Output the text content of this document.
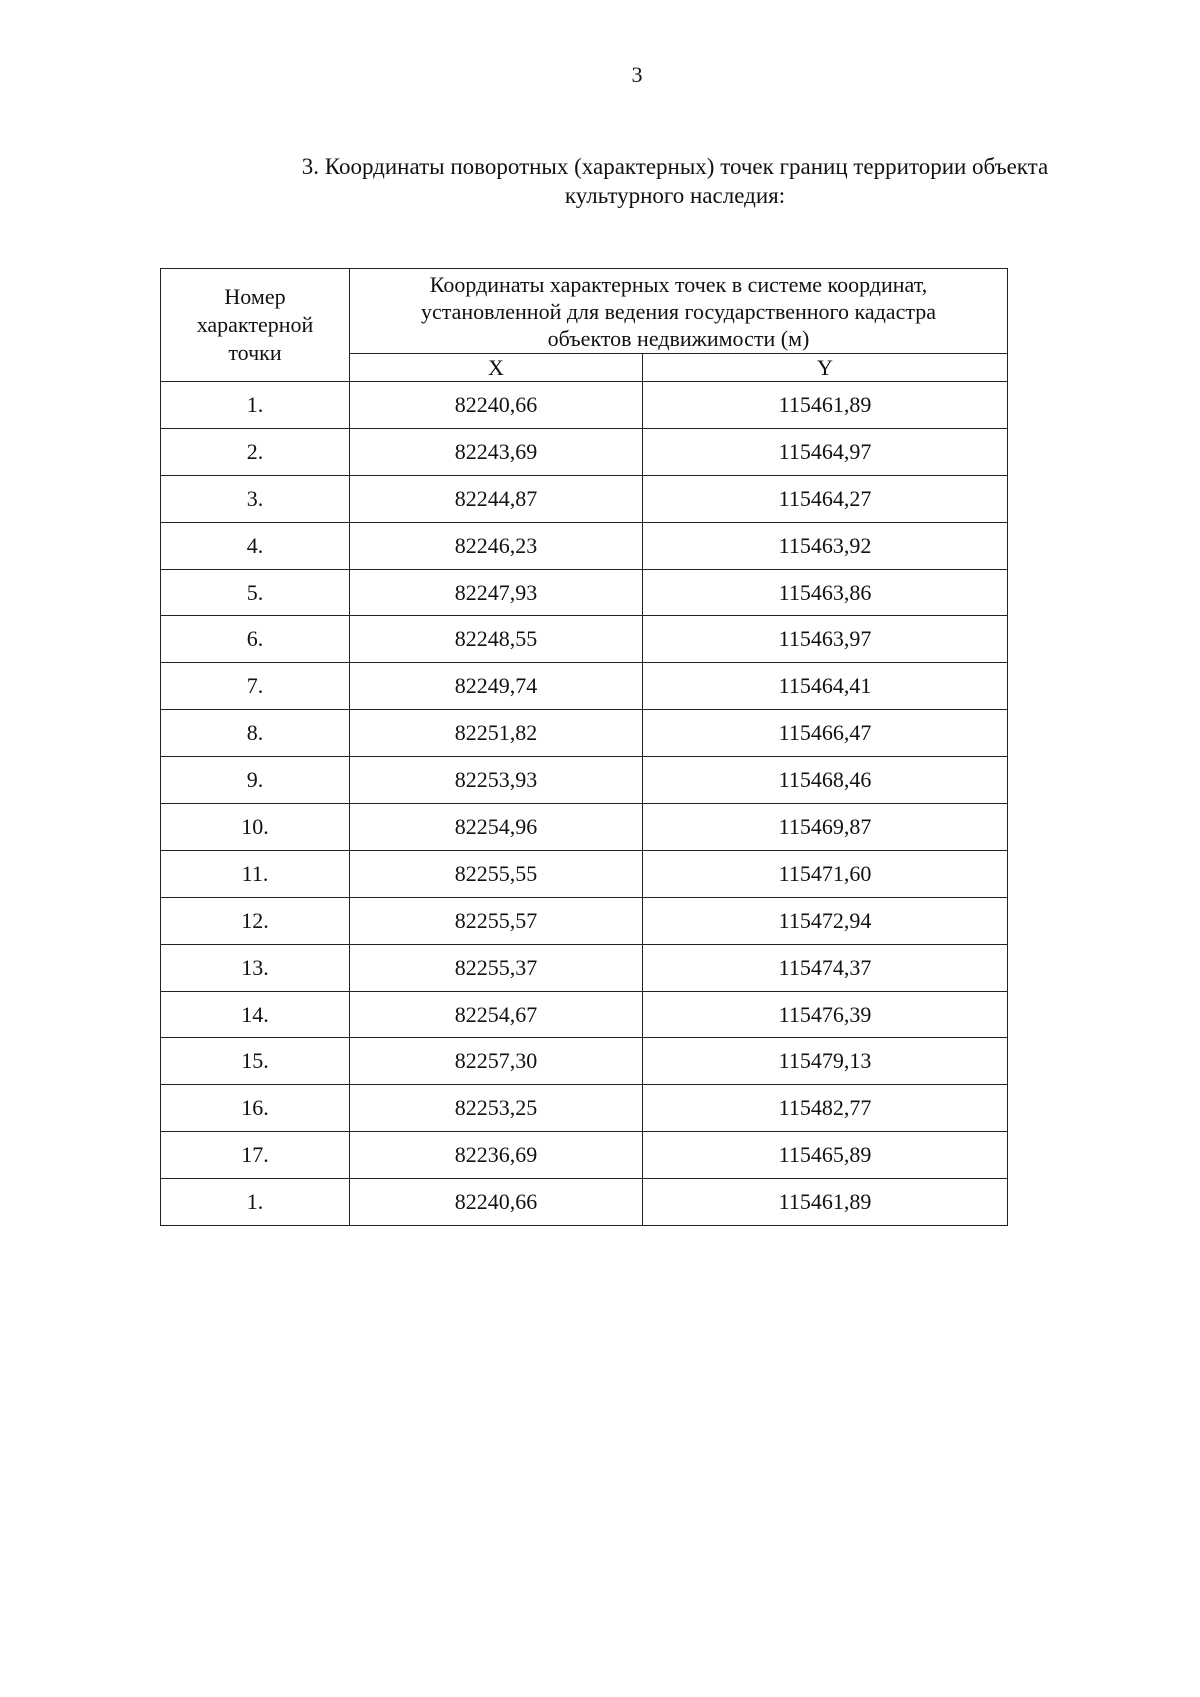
3
3. Координаты поворотных (характерных) точек границ территории объекта
культурного наследия:
Номер
характерной
точки	Координаты характерных точек в системе координат,
установленной для ведения государственного кадастра
объектов недвижимости (м)	

	X	Y
1.	82240,66	115461,89
2.	82243,69	115464,97
3.	82244,87	115464,27
4.	82246,23	115463,92
5.	82247,93	115463,86
6.	82248,55	115463,97
7.	82249,74	115464,41
8.	82251,82	115466,47
9.	82253,93	115468,46
10.	82254,96	115469,87
11.	82255,55	115471,60
12.	82255,57	115472,94
13.	82255,37	115474,37
14.	82254,67	115476,39
15.	82257,30	115479,13
16.	82253,25	115482,77
17.	82236,69	115465,89
1.	82240,66	115461,89
